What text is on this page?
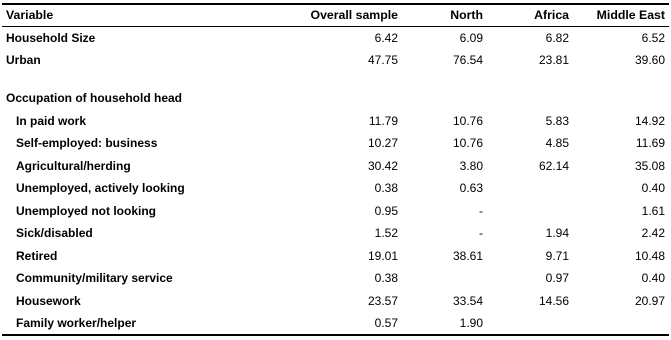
Variable	Overall sample	North	Africa	Middle East
Household Size	6.42	6.09	6.82	6.52
Urban	47.75	76.54	23.81	39.60

Occupation of household head				
In paid work	11.79	10.76	5.83	14.92
Self-employed: business	10.27	10.76	4.85	11.69
Agricultural/herding	30.42	3.80	62.14	35.08
Unemployed, actively looking	0.38	0.63		0.40
Unemployed not looking	0.95	-		1.61
Sick/disabled	1.52	-	1.94	2.42
Retired	19.01	38.61	9.71	10.48
Community/military service	0.38		0.97	0.40
Housework	23.57	33.54	14.56	20.97
Family worker/helper	0.57	1.90		
